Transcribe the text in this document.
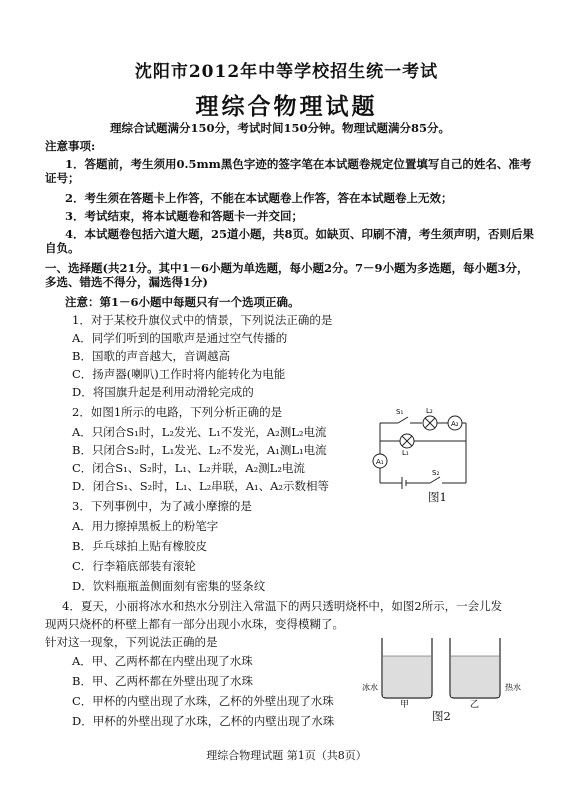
沈阳市2012年中等学校招生统一考试
理综合物理试题
理综合试题满分150分，考试时间150分钟。物理试题满分85分。
注意事项:
1．答题前，考生须用0.5mm黑色字迹的签字笔在本试题卷规定位置填写自己的姓名、准考证号；
2．考生须在答题卡上作答，不能在本试题卷上作答，答在本试题卷上无效；
3．考试结束，将本试题卷和答题卡一并交回；
4．本试题卷包括六道大题，25道小题，共8页。如缺页、印刷不清，考生须声明，否则后果自负。
一、选择题(共21分。其中1－6小题为单选题，每小题2分。7－9小题为多选题，每小题3分，多选、错选不得分，漏选得1分)
注意：第1－6小题中每题只有一个选项正确。
1．对于某校升旗仪式中的情景，下列说法正确的是
A．同学们听到的国歌声是通过空气传播的
B．国歌的声音越大，音调越高
C．扬声器(喇叭)工作时将内能转化为电能
D．将国旗升起是利用动滑轮完成的
2．如图1所示的电路，下列分析正确的是
A．只闭合S₁时，L₂发光、L₁不发光，A₂测L₂电流
B．只闭合S₂时，L₁发光、L₂不发光，A₁测L₁电流
C．闭合S₁、S₂时，L₁、L₂并联，A₂测L₂电流
D．闭合S₁、S₂时，L₁、L₂串联，A₁、A₂示数相等
S₁	L₂
A₂
L₁
A₁
S₂
图1
3．下列事例中，为了减小摩擦的是
A．用力擦掉黑板上的粉笔字
B．乒乓球拍上贴有橡胶皮
C．行李箱底部装有滚轮
D．饮料瓶瓶盖侧面刻有密集的竖条纹
4．夏天，小丽将冰水和热水分别注入常温下的两只透明烧杯中，如图2所示，一会儿发
现两只烧杯的杯壁上都有一部分出现小水珠，变得模糊了。
针对这一现象，下列说法正确的是
A．甲、乙两杯都在内壁出现了水珠
B．甲、乙两杯都在外壁出现了水珠
C．甲杯的内壁出现了水珠，乙杯的外壁出现了水珠
D．甲杯的外壁出现了水珠，乙杯的内壁出现了水珠
冰水
甲
热水
乙
图2
理综合物理试题 第1页（共8页）
